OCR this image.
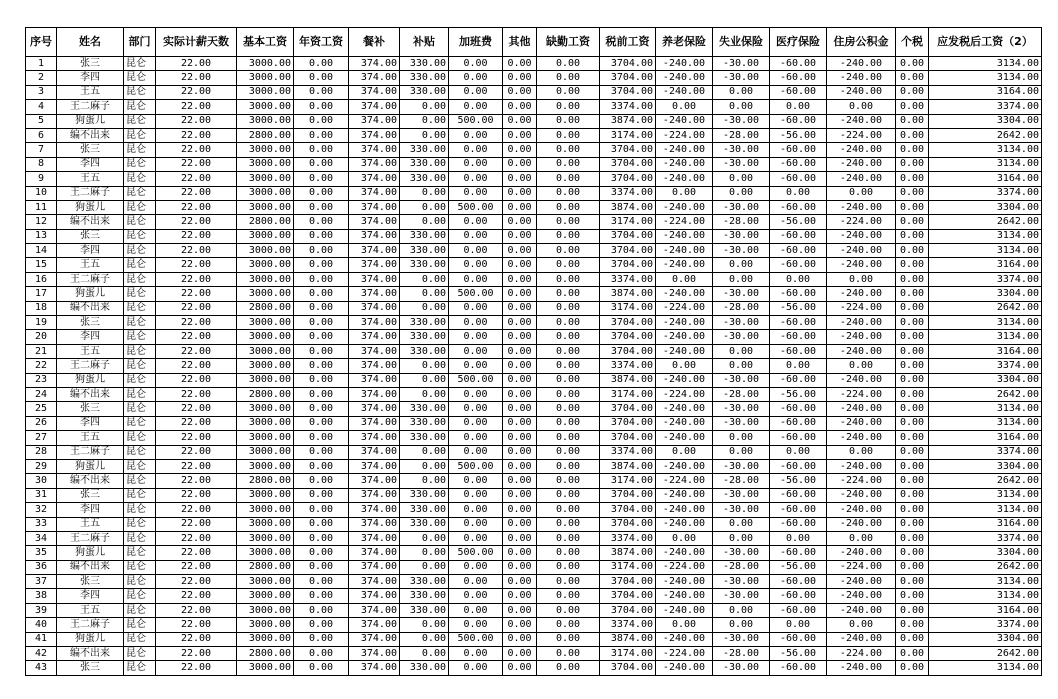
序号	姓名	部门	实际计薪天数	基本工资	年资工资	餐补	补贴	加班费	其他	缺勤工资	税前工资	养老保险	失业保险	医疗保险	住房公积金	个税	应发税后工资（2）
1	张三	昆仑	22.00	3000.00	0.00	374.00	330.00	0.00	0.00	0.00	3704.00	-240.00	-30.00	-60.00	-240.00	0.00	3134.00
2	李四	昆仑	22.00	3000.00	0.00	374.00	330.00	0.00	0.00	0.00	3704.00	-240.00	-30.00	-60.00	-240.00	0.00	3134.00
3	王五	昆仑	22.00	3000.00	0.00	374.00	330.00	0.00	0.00	0.00	3704.00	-240.00	0.00	-60.00	-240.00	0.00	3164.00
4	王二麻子	昆仑	22.00	3000.00	0.00	374.00	0.00	0.00	0.00	0.00	3374.00	0.00	0.00	0.00	0.00	0.00	3374.00
5	狗蛋儿	昆仑	22.00	3000.00	0.00	374.00	0.00	500.00	0.00	0.00	3874.00	-240.00	-30.00	-60.00	-240.00	0.00	3304.00
6	编不出来	昆仑	22.00	2800.00	0.00	374.00	0.00	0.00	0.00	0.00	3174.00	-224.00	-28.00	-56.00	-224.00	0.00	2642.00
7	张三	昆仑	22.00	3000.00	0.00	374.00	330.00	0.00	0.00	0.00	3704.00	-240.00	-30.00	-60.00	-240.00	0.00	3134.00
8	李四	昆仑	22.00	3000.00	0.00	374.00	330.00	0.00	0.00	0.00	3704.00	-240.00	-30.00	-60.00	-240.00	0.00	3134.00
9	王五	昆仑	22.00	3000.00	0.00	374.00	330.00	0.00	0.00	0.00	3704.00	-240.00	0.00	-60.00	-240.00	0.00	3164.00
10	王二麻子	昆仑	22.00	3000.00	0.00	374.00	0.00	0.00	0.00	0.00	3374.00	0.00	0.00	0.00	0.00	0.00	3374.00
11	狗蛋儿	昆仑	22.00	3000.00	0.00	374.00	0.00	500.00	0.00	0.00	3874.00	-240.00	-30.00	-60.00	-240.00	0.00	3304.00
12	编不出来	昆仑	22.00	2800.00	0.00	374.00	0.00	0.00	0.00	0.00	3174.00	-224.00	-28.00	-56.00	-224.00	0.00	2642.00
13	张三	昆仑	22.00	3000.00	0.00	374.00	330.00	0.00	0.00	0.00	3704.00	-240.00	-30.00	-60.00	-240.00	0.00	3134.00
14	李四	昆仑	22.00	3000.00	0.00	374.00	330.00	0.00	0.00	0.00	3704.00	-240.00	-30.00	-60.00	-240.00	0.00	3134.00
15	王五	昆仑	22.00	3000.00	0.00	374.00	330.00	0.00	0.00	0.00	3704.00	-240.00	0.00	-60.00	-240.00	0.00	3164.00
16	王二麻子	昆仑	22.00	3000.00	0.00	374.00	0.00	0.00	0.00	0.00	3374.00	0.00	0.00	0.00	0.00	0.00	3374.00
17	狗蛋儿	昆仑	22.00	3000.00	0.00	374.00	0.00	500.00	0.00	0.00	3874.00	-240.00	-30.00	-60.00	-240.00	0.00	3304.00
18	编不出来	昆仑	22.00	2800.00	0.00	374.00	0.00	0.00	0.00	0.00	3174.00	-224.00	-28.00	-56.00	-224.00	0.00	2642.00
19	张三	昆仑	22.00	3000.00	0.00	374.00	330.00	0.00	0.00	0.00	3704.00	-240.00	-30.00	-60.00	-240.00	0.00	3134.00
20	李四	昆仑	22.00	3000.00	0.00	374.00	330.00	0.00	0.00	0.00	3704.00	-240.00	-30.00	-60.00	-240.00	0.00	3134.00
21	王五	昆仑	22.00	3000.00	0.00	374.00	330.00	0.00	0.00	0.00	3704.00	-240.00	0.00	-60.00	-240.00	0.00	3164.00
22	王二麻子	昆仑	22.00	3000.00	0.00	374.00	0.00	0.00	0.00	0.00	3374.00	0.00	0.00	0.00	0.00	0.00	3374.00
23	狗蛋儿	昆仑	22.00	3000.00	0.00	374.00	0.00	500.00	0.00	0.00	3874.00	-240.00	-30.00	-60.00	-240.00	0.00	3304.00
24	编不出来	昆仑	22.00	2800.00	0.00	374.00	0.00	0.00	0.00	0.00	3174.00	-224.00	-28.00	-56.00	-224.00	0.00	2642.00
25	张三	昆仑	22.00	3000.00	0.00	374.00	330.00	0.00	0.00	0.00	3704.00	-240.00	-30.00	-60.00	-240.00	0.00	3134.00
26	李四	昆仑	22.00	3000.00	0.00	374.00	330.00	0.00	0.00	0.00	3704.00	-240.00	-30.00	-60.00	-240.00	0.00	3134.00
27	王五	昆仑	22.00	3000.00	0.00	374.00	330.00	0.00	0.00	0.00	3704.00	-240.00	0.00	-60.00	-240.00	0.00	3164.00
28	王二麻子	昆仑	22.00	3000.00	0.00	374.00	0.00	0.00	0.00	0.00	3374.00	0.00	0.00	0.00	0.00	0.00	3374.00
29	狗蛋儿	昆仑	22.00	3000.00	0.00	374.00	0.00	500.00	0.00	0.00	3874.00	-240.00	-30.00	-60.00	-240.00	0.00	3304.00
30	编不出来	昆仑	22.00	2800.00	0.00	374.00	0.00	0.00	0.00	0.00	3174.00	-224.00	-28.00	-56.00	-224.00	0.00	2642.00
31	张三	昆仑	22.00	3000.00	0.00	374.00	330.00	0.00	0.00	0.00	3704.00	-240.00	-30.00	-60.00	-240.00	0.00	3134.00
32	李四	昆仑	22.00	3000.00	0.00	374.00	330.00	0.00	0.00	0.00	3704.00	-240.00	-30.00	-60.00	-240.00	0.00	3134.00
33	王五	昆仑	22.00	3000.00	0.00	374.00	330.00	0.00	0.00	0.00	3704.00	-240.00	0.00	-60.00	-240.00	0.00	3164.00
34	王二麻子	昆仑	22.00	3000.00	0.00	374.00	0.00	0.00	0.00	0.00	3374.00	0.00	0.00	0.00	0.00	0.00	3374.00
35	狗蛋儿	昆仑	22.00	3000.00	0.00	374.00	0.00	500.00	0.00	0.00	3874.00	-240.00	-30.00	-60.00	-240.00	0.00	3304.00
36	编不出来	昆仑	22.00	2800.00	0.00	374.00	0.00	0.00	0.00	0.00	3174.00	-224.00	-28.00	-56.00	-224.00	0.00	2642.00
37	张三	昆仑	22.00	3000.00	0.00	374.00	330.00	0.00	0.00	0.00	3704.00	-240.00	-30.00	-60.00	-240.00	0.00	3134.00
38	李四	昆仑	22.00	3000.00	0.00	374.00	330.00	0.00	0.00	0.00	3704.00	-240.00	-30.00	-60.00	-240.00	0.00	3134.00
39	王五	昆仑	22.00	3000.00	0.00	374.00	330.00	0.00	0.00	0.00	3704.00	-240.00	0.00	-60.00	-240.00	0.00	3164.00
40	王二麻子	昆仑	22.00	3000.00	0.00	374.00	0.00	0.00	0.00	0.00	3374.00	0.00	0.00	0.00	0.00	0.00	3374.00
41	狗蛋儿	昆仑	22.00	3000.00	0.00	374.00	0.00	500.00	0.00	0.00	3874.00	-240.00	-30.00	-60.00	-240.00	0.00	3304.00
42	编不出来	昆仑	22.00	2800.00	0.00	374.00	0.00	0.00	0.00	0.00	3174.00	-224.00	-28.00	-56.00	-224.00	0.00	2642.00
43	张三	昆仑	22.00	3000.00	0.00	374.00	330.00	0.00	0.00	0.00	3704.00	-240.00	-30.00	-60.00	-240.00	0.00	3134.00
